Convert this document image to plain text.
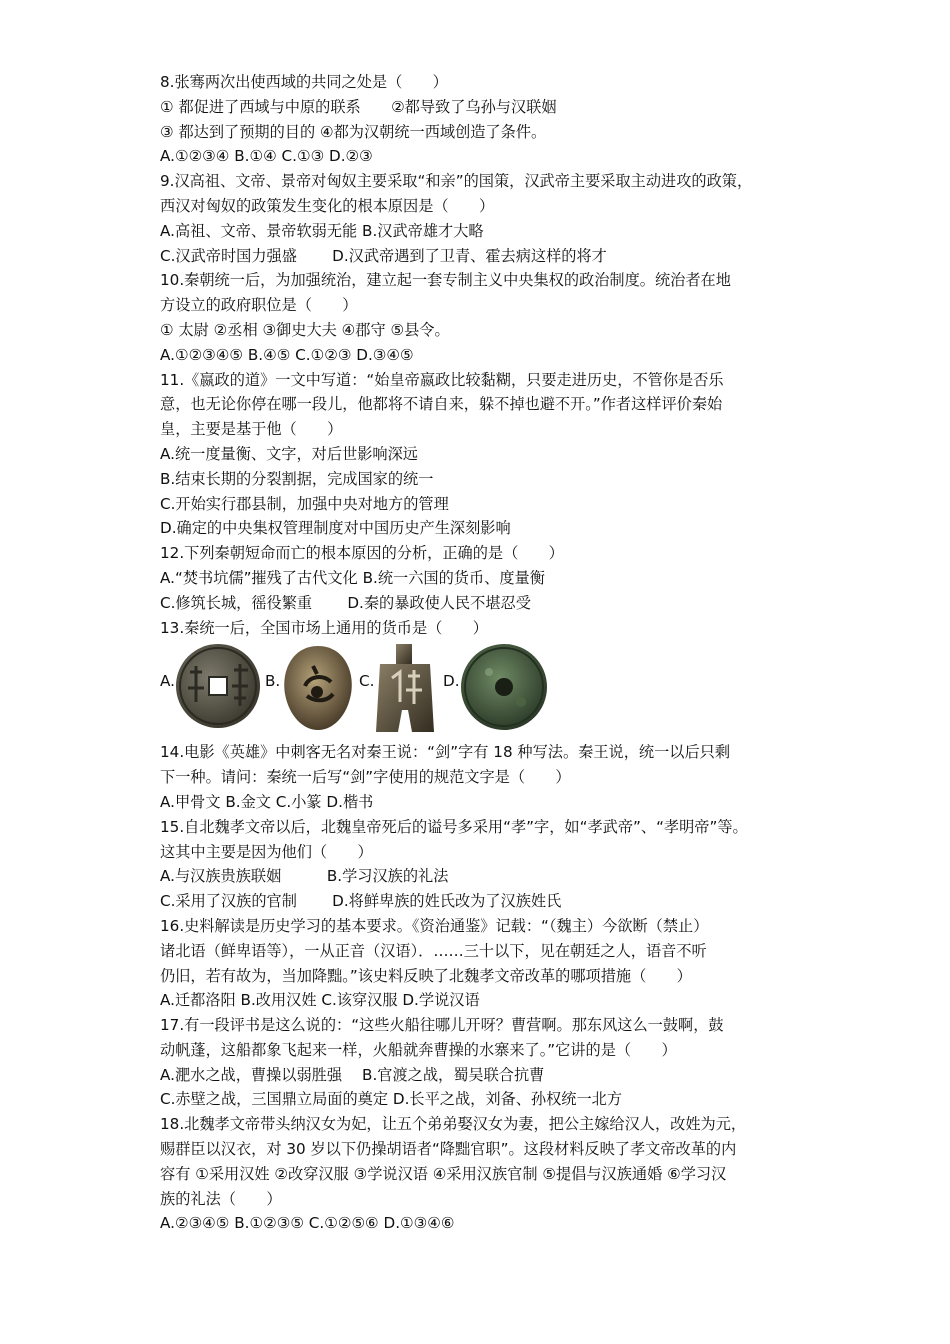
8.张骞两次出使西域的共同之处是（　　）
① 都促进了西域与中原的联系　　②都导致了乌孙与汉联姻
③ 都达到了预期的目的 ④都为汉朝统一西域创造了条件。
A.①②③④ B.①④ C.①③ D.②③
9.汉高祖、文帝、景帝对匈奴主要采取“和亲”的国策，汉武帝主要采取主动进攻的政策，
西汉对匈奴的政策发生变化的根本原因是（　　）
A.高祖、文帝、景帝软弱无能 B.汉武帝雄才大略
C.汉武帝时国力强盛　　 D.汉武帝遇到了卫青、霍去病这样的将才
10.秦朝统一后，为加强统治，建立起一套专制主义中央集权的政治制度。统治者在地
方设立的政府职位是（　　）
① 太尉 ②丞相 ③御史大夫 ④郡守 ⑤县令。
A.①②③④⑤ B.④⑤ C.①②③ D.③④⑤
11.《嬴政的道》一文中写道：“始皇帝嬴政比较黏糊，只要走进历史，不管你是否乐
意，也无论你停在哪一段儿，他都将不请自来，躲不掉也避不开。”作者这样评价秦始
皇，主要是基于他（　　）
A.统一度量衡、文字，对后世影响深远
B.结束长期的分裂割据，完成国家的统一
C.开始实行郡县制，加强中央对地方的管理
D.确定的中央集权管理制度对中国历史产生深刻影响
12.下列秦朝短命而亡的根本原因的分析，正确的是（　　）
A.“焚书坑儒”摧残了古代文化 B.统一六国的货币、度量衡
C.修筑长城，徭役繁重　　 D.秦的暴政使人民不堪忍受
13.秦统一后，全国市场上通用的货币是（　　）
A.	B.	C.	D.
14.电影《英雄》中刺客无名对秦王说：“剑”字有 18 种写法。秦王说，统一以后只剩
下一种。请问：秦统一后写“剑”字使用的规范文字是（　　）
A.甲骨文 B.金文 C.小篆 D.楷书
15.自北魏孝文帝以后，北魏皇帝死后的谥号多采用“孝”字，如“孝武帝”、“孝明帝”等。
这其中主要是因为他们（　　）
A.与汉族贵族联姻　　　B.学习汉族的礼法
C.采用了汉族的官制　　 D.将鲜卑族的姓氏改为了汉族姓氏
16.史料解读是历史学习的基本要求。《资治通鉴》记载：“（魏主）今欲断（禁止）
诸北语（鲜卑语等），一从正音（汉语）．……三十以下，见在朝廷之人，语音不听
仍旧，若有故为，当加降黜。”该史料反映了北魏孝文帝改革的哪项措施（　　）
A.迁都洛阳 B.改用汉姓 C.该穿汉服 D.学说汉语
17.有一段评书是这么说的：“这些火船往哪儿开呀？曹营啊。那东风这么一鼓啊，鼓
动帆蓬，这船都象飞起来一样，火船就奔曹操的水寨来了。”它讲的是（　　）
A.淝水之战，曹操以弱胜强　 B.官渡之战，蜀吴联合抗曹
C.赤壁之战，三国鼎立局面的奠定 D.长平之战，刘备、孙权统一北方
18.北魏孝文帝带头纳汉女为妃，让五个弟弟娶汉女为妻，把公主嫁给汉人，改姓为元，
赐群臣以汉衣，对 30 岁以下仍操胡语者“降黜官职”。这段材料反映了孝文帝改革的内
容有 ①采用汉姓 ②改穿汉服 ③学说汉语 ④采用汉族官制 ⑤提倡与汉族通婚 ⑥学习汉
族的礼法（　　）
A.②③④⑤ B.①②③⑤ C.①②⑤⑥ D.①③④⑥
